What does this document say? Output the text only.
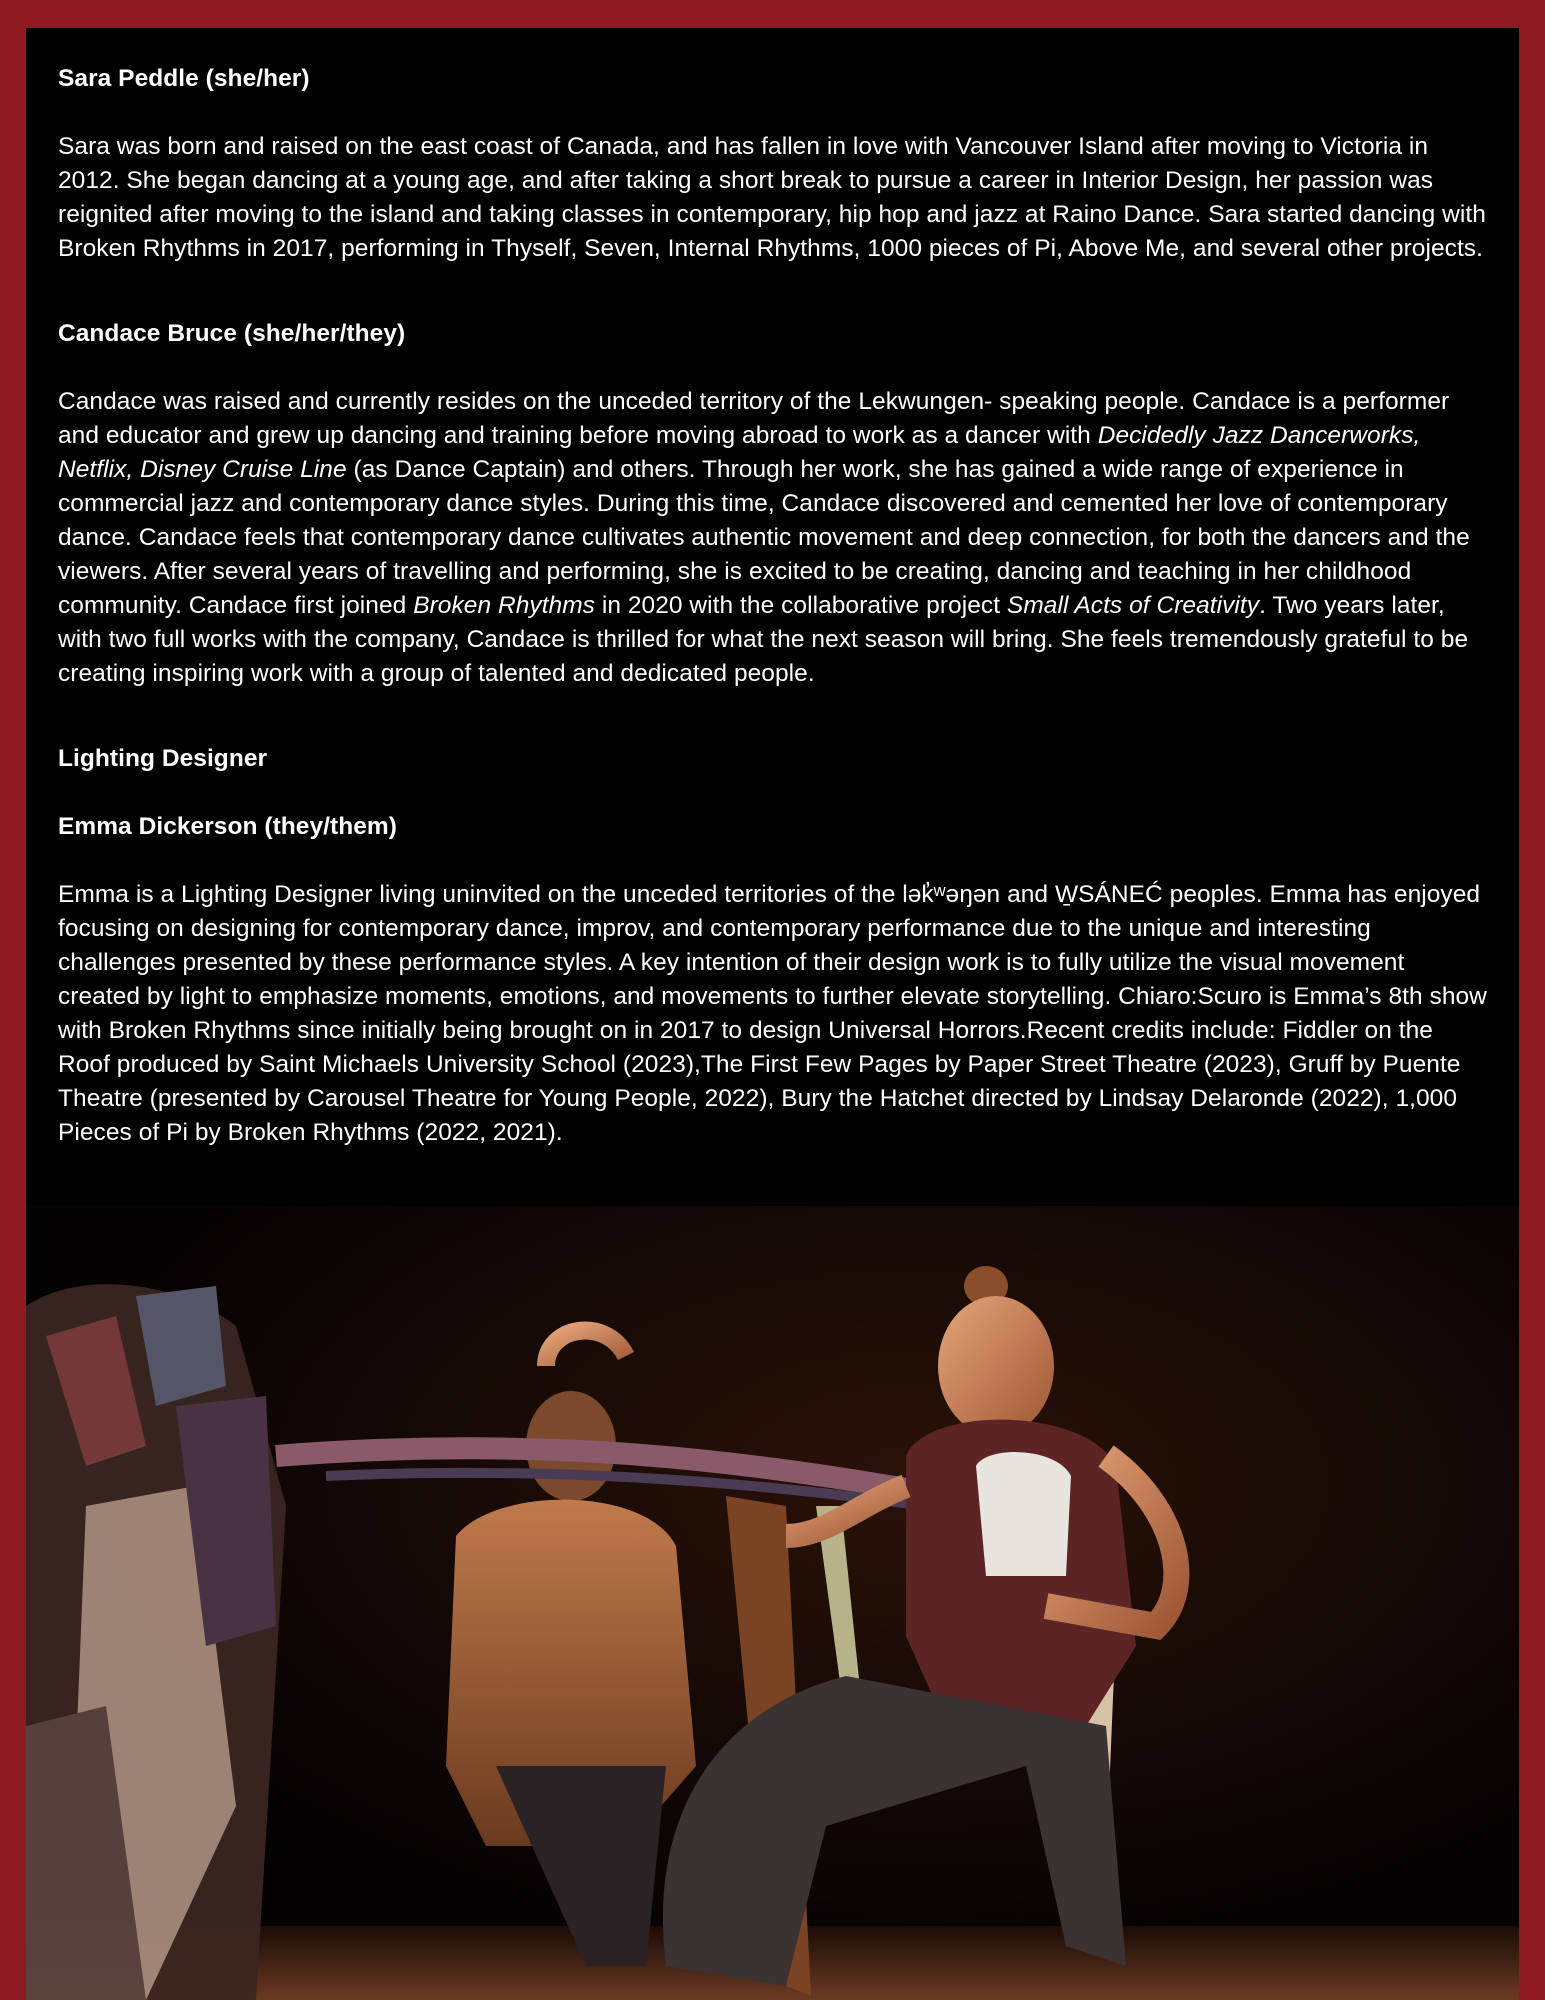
Sara Peddle (she/her)

Sara was born and raised on the east coast of Canada, and has fallen in love with Vancouver Island after moving to Victoria in 2012. She began dancing at a young age, and after taking a short break to pursue a career in Interior Design, her passion was reignited after moving to the island and taking classes in contemporary, hip hop and jazz at Raino Dance. Sara started dancing with Broken Rhythms in 2017, performing in Thyself, Seven, Internal Rhythms, 1000 pieces of Pi, Above Me, and several other projects.

Candace Bruce (she/her/they)

Candace was raised and currently resides on the unceded territory of the Lekwungen- speaking people. Candace is a performer and educator and grew up dancing and training before moving abroad to work as a dancer with Decidedly Jazz Dancerworks, Netflix, Disney Cruise Line (as Dance Captain) and others. Through her work, she has gained a wide range of experience in commercial jazz and contemporary dance styles. During this time, Candace discovered and cemented her love of contemporary dance. Candace feels that contemporary dance cultivates authentic movement and deep connection, for both the dancers and the viewers. After several years of travelling and performing, she is excited to be creating, dancing and teaching in her childhood community. Candace first joined Broken Rhythms in 2020 with the collaborative project Small Acts of Creativity. Two years later, with two full works with the company, Candace is thrilled for what the next season will bring. She feels tremendously grateful to be creating inspiring work with a group of talented and dedicated people.

Lighting Designer

Emma Dickerson (they/them)

Emma is a Lighting Designer living uninvited on the unceded territories of the lək̓ʷəŋən and W̱SÁNEĆ peoples. Emma has enjoyed focusing on designing for contemporary dance, improv, and contemporary performance due to the unique and interesting challenges presented by these performance styles. A key intention of their design work is to fully utilize the visual movement created by light to emphasize moments, emotions, and movements to further elevate storytelling. Chiaro:Scuro is Emma’s 8th show with Broken Rhythms since initially being brought on in 2017 to design Universal Horrors.Recent credits include: Fiddler on the Roof produced by Saint Michaels University School (2023),The First Few Pages by Paper Street Theatre (2023), Gruff by Puente Theatre (presented by Carousel Theatre for Young People, 2022), Bury the Hatchet directed by Lindsay Delaronde (2022), 1,000 Pieces of Pi by Broken Rhythms (2022, 2021).
